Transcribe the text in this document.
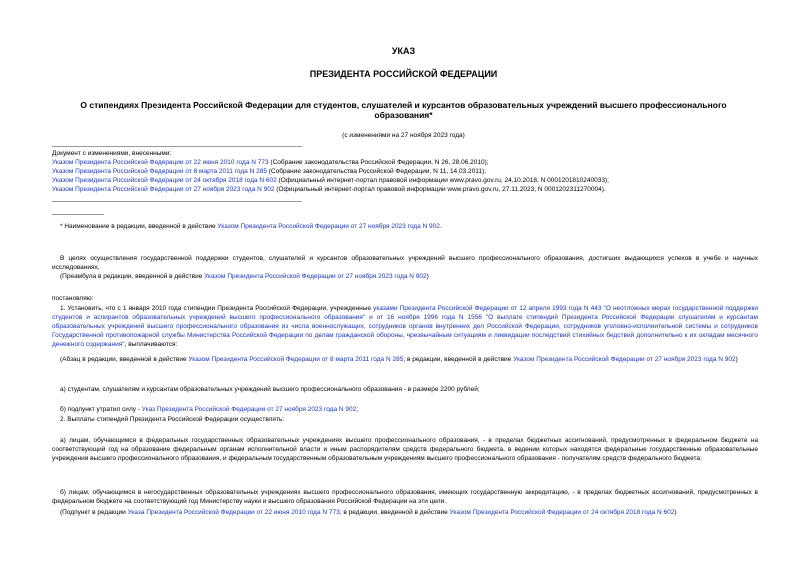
УКАЗ
ПРЕЗИДЕНТА РОССИЙСКОЙ ФЕДЕРАЦИИ
О стипендиях Президента Российской Федерации для студентов, слушателей и курсантов образовательных учреждений высшего профессионального образования*
(с изменениями на 27 ноября 2023 года)

Документ с изменениями, внесенными:

Указом Президента Российской Федерации от 22 июня 2010 года N 773 (Собрание законодательства Российской Федерации, N 26, 28.06.2010);

Указом Президента Российской Федерации от 8 марта 2011 года N 285 (Собрание законодательства Российской Федерации, N 11, 14.03.2011);

Указом Президента Российской Федерации от 24 октября 2018 года N 602 (Официальный интернет-портал правовой информации www.pravo.gov.ru, 24.10.2018, N 0001201810240033);

Указом Президента Российской Федерации от 27 ноября 2023 года N 902 (Официальный интернет-портал правовой информации www.pravo.gov.ru, 27.11.2023, N 0001202311270004).

* Наименование в редакции, введенной в действие Указом Президента Российской Федерации от 27 ноября 2023 года N 902.
В целях осуществления государственной поддержки студентов, слушателей и курсантов образовательных учреждений высшего профессионального образования, достигших выдающихся успехов в учебе и научных исследованиях,
(Преамбула в редакции, введенной в действие Указом Президента Российской Федерации от 27 ноября 2023 года N 902)
постановляю:
1. Установить, что с 1 января 2010 года стипендии Президента Российской Федерации, учрежденные указами Президента Российской Федерации от 12 апреля 1993 года N 443 "О неотложных мерах государственной поддержки студентов и аспирантов образовательных учреждений высшего профессионального образования" и от 16 ноября 1996 года N 1556 "О выплате стипендий Президента Российской Федерации слушателям и курсантам образовательных учреждений высшего профессионального образования из числа военнослужащих, сотрудников органов внутренних дел Российской Федерации, сотрудников уголовно-исполнительной системы и сотрудников Государственной противопожарной службы Министерства Российской Федерации по делам гражданской обороны, чрезвычайным ситуациям и ликвидации последствий стихийных бедствий дополнительно к их окладам месячного денежного содержания", выплачиваются:
(Абзац в редакции, введенной в действие Указом Президента Российской Федерации от 8 марта 2011 года N 285; в редакции, введенной в действие Указом Президента Российской Федерации от 27 ноября 2023 года N 902)
а) студентам, слушателям и курсантам образовательных учреждений высшего профессионального образования - в размере 2200 рублей;
б) подпункт утратил силу - Указ Президента Российской Федерации от 27 ноября 2023 года N 902;
2. Выплаты стипендий Президента Российской Федерации осуществлять:
а) лицам, обучающимся в федеральных государственных образовательных учреждениях высшего профессионального образования, - в пределах бюджетных ассигнований, предусмотренных в федеральном бюджете на соответствующий год на образование федеральным органам исполнительной власти и иным распорядителям средств федерального бюджета, в ведении которых находятся федеральные государственные образовательные учреждения высшего профессионального образования, и федеральным государственным образовательным учреждениям высшего профессионального образования - получателям средств федерального бюджета;
б) лицам, обучающимся в негосударственных образовательных учреждениях высшего профессионального образования, имеющих государственную аккредитацию, - в пределах бюджетных ассигнований, предусмотренных в федеральном бюджете на соответствующий год Министерству науки и высшего образования Российской Федерации на эти цели.
(Подпункт в редакции Указа Президента Российской Федерации от 22 июня 2010 года N 773; в редакции, введенной в действие Указом Президента Российской Федерации от 24 октября 2018 года N 602)
